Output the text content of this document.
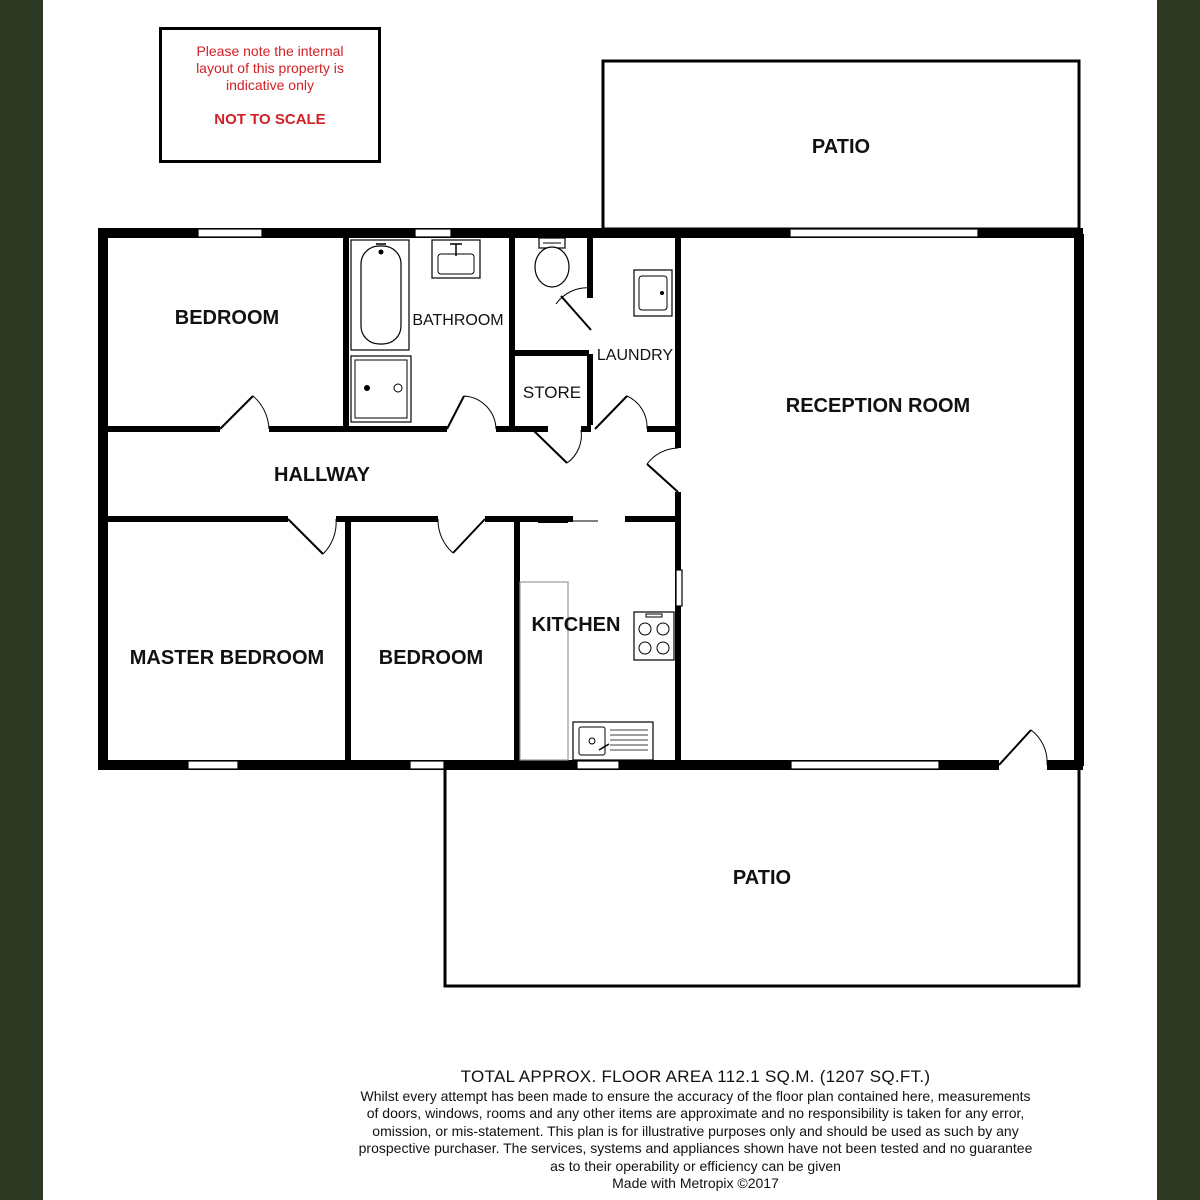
PATIO
BEDROOM	BATHROOM
LAUNDRY
STORE
RECEPTION ROOM
HALLWAY
KITCHEN
MASTER BEDROOM	BEDROOM
PATIO
Please note the internal
layout of this property is
indicative only
NOT TO SCALE
TOTAL APPROX. FLOOR AREA 112.1 SQ.M. (1207 SQ.FT.)
Whilst every attempt has been made to ensure the accuracy of the floor plan contained here, measurements
of doors, windows, rooms and any other items are approximate and no responsibility is taken for any error,
omission, or mis-statement. This plan is for illustrative purposes only and should be used as such by any
prospective purchaser. The services, systems and appliances shown have not been tested and no guarantee
as to their operability or efficiency can be given
Made with Metropix ©2017
